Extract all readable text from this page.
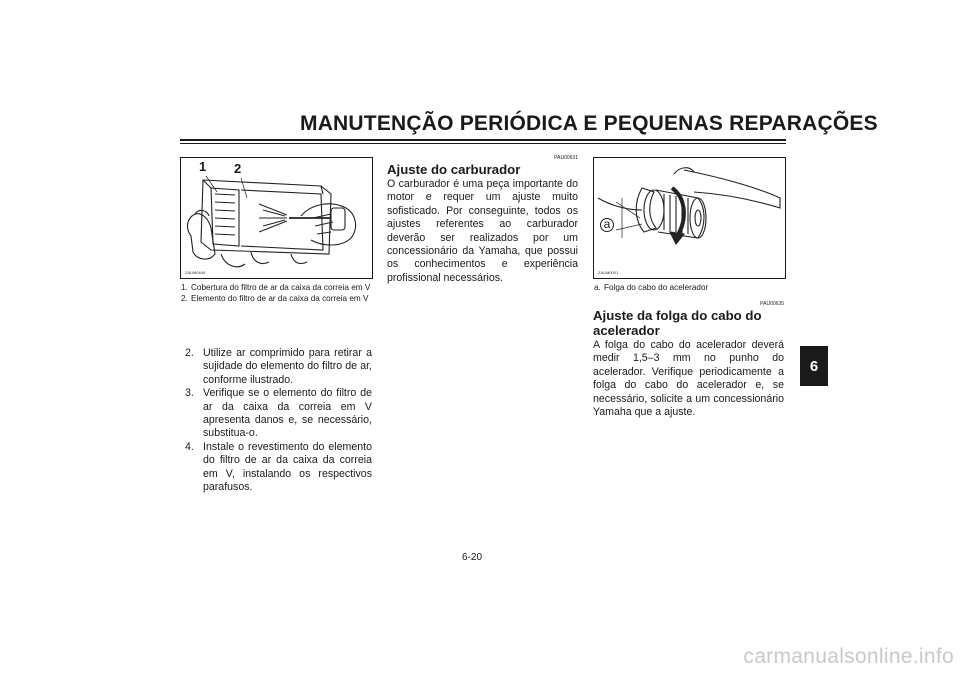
MANUTENÇÃO PERIÓDICA E PEQUENAS REPARAÇÕES
6
1 2
ZAUM0449
1. Cobertura do filtro de ar da caixa da correia em V
2. Elemento do filtro de ar da caixa da correia em V
2. Utilize ar comprimido para retirar a sujidade do elemento do filtro de ar, conforme ilustrado.
3. Verifique se o elemento do filtro de ar da caixa da correia em V apresenta danos e, se necessário, substitua-o.
4. Instale o revestimento do elemento do filtro de ar da caixa da correia em V, instalando os respectivos parafusos.
PAU00631
Ajuste do carburador
O carburador é uma peça importante do motor e requer um ajuste muito sofisticado. Por conseguinte, todos os ajustes referentes ao carburador deverão ser realizados por um concessionário da Yamaha, que possui os conhecimentos e experiência profissional necessários.
a
ZAUM0001
a. Folga do cabo do acelerador
PAU00635
Ajuste da folga do cabo do acelerador
A folga do cabo do acelerador deverá medir 1,5–3 mm no punho do acelerador. Verifique periodicamente a folga do cabo do acelerador e, se necessário, solicite a um concessionário Yamaha que a ajuste.
6-20
carmanualsonline.info
